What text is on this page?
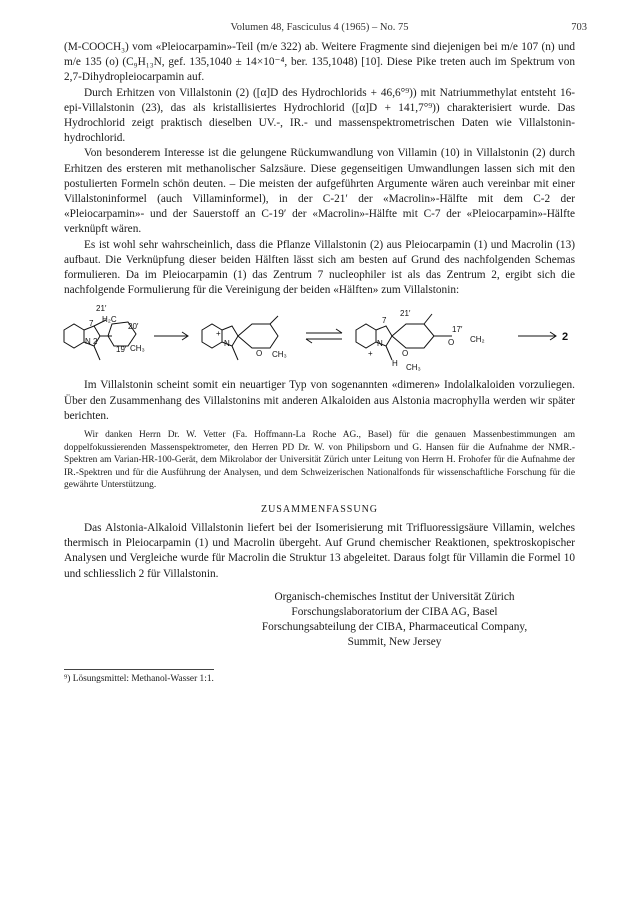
Volumen 48, Fasciculus 4 (1965) – No. 75	703

(M-COOCH₃) vom «Pleiocarpamin»-Teil (m/e 322) ab. Weitere Fragmente sind diejenigen bei m/e 107 (n) und m/e 135 (o) (C₉H₁₃N, gef. 135,1040 ± 14×10⁻⁴, ber. 135,1048) [10]. Diese Pike treten auch im Spektrum von 2,7-Dihydropleiocarpamin auf.

Durch Erhitzen von Villalstonin (2) ([α]D des Hydrochlorids + 46,6°⁹)) mit Natriummethylat entsteht 16-epi-Villalstonin (23), das als kristallisiertes Hydrochlorid ([α]D + 141,7°⁹)) charakterisiert wurde. Das Hydrochlorid zeigt praktisch dieselben UV.-, IR.- und massenspektrometrischen Daten wie Villalstonin-hydrochlorid.

Von besonderem Interesse ist die gelungene Rückumwandlung von Villamin (10) in Villalstonin (2) durch Erhitzen des ersteren mit methanolischer Salzsäure. Diese gegenseitigen Umwandlungen lassen sich mit den postulierten Formeln schön deuten. – Die meisten der aufgeführten Argumente wären auch vereinbar mit einer Villalstoninformel (auch Villaminformel), in der C-21′ der «Macrolin»-Hälfte mit dem C-2 der «Pleiocarpamin»- und der Sauerstoff an C-19′ der «Macrolin»-Hälfte mit C-7 der «Pleiocarpamin»-Hälfte verknüpft wären.

Es ist wohl sehr wahrscheinlich, dass die Pflanze Villalstonin (2) aus Pleiocarpamin (1) und Macrolin (13) aufbaut. Die Verknüpfung dieser beiden Hälften lässt sich am besten auf Grund des nachfolgenden Schemas formulieren. Da im Pleiocarpamin (1) das Zentrum 7 nucleophiler ist als das Zentrum 2, ergibt sich die nachfolgende Formulierung für die Vereinigung der beiden «Hälften» zum Villalstonin:

21′
H₂C
7	20′
N 2
19′ CH₃
N
+
O CH₃
7
21′
N
+	O
H CH₃
17′
O CH₂	2

Im Villalstonin scheint somit ein neuartiger Typ von sogenannten «dimeren» Indolalkaloiden vorzuliegen. Über den Zusammenhang des Villalstonins mit anderen Alkaloiden aus Alstonia macrophylla werden wir später berichten.

Wir danken Herrn Dr. W. Vetter (Fa. Hoffmann-La Roche AG., Basel) für die genauen Massenbestimmungen am doppelfokussierenden Massenspektrometer, den Herren PD Dr. W. von Philipsborn und G. Hansen für die Aufnahme der NMR.-Spektren am Varian-HR-100-Gerät, dem Mikrolabor der Universität Zürich unter Leitung von Herrn H. Frohofer für die Aufnahme der IR.-Spektren und für die Ausführung der Analysen, und dem Schweizerischen Nationalfonds für wissenschaftliche Forschung für die gewährte Unterstützung.

ZUSAMMENFASSUNG

Das Alstonia-Alkaloid Villalstonin liefert bei der Isomerisierung mit Trifluoressigsäure Villamin, welches thermisch in Pleiocarpamin (1) und Macrolin übergeht. Auf Grund chemischer Reaktionen, spektroskopischer Analysen und Vergleiche wurde für Macrolin die Struktur 13 abgeleitet. Daraus folgt für Villamin die Formel 10 und schliesslich 2 für Villalstonin.

Organisch-chemisches Institut der Universität Zürich
Forschungslaboratorium der CIBA AG, Basel
Forschungsabteilung der CIBA, Pharmaceutical Company,
Summit, New Jersey
⁹) Lösungsmittel: Methanol-Wasser 1:1.
